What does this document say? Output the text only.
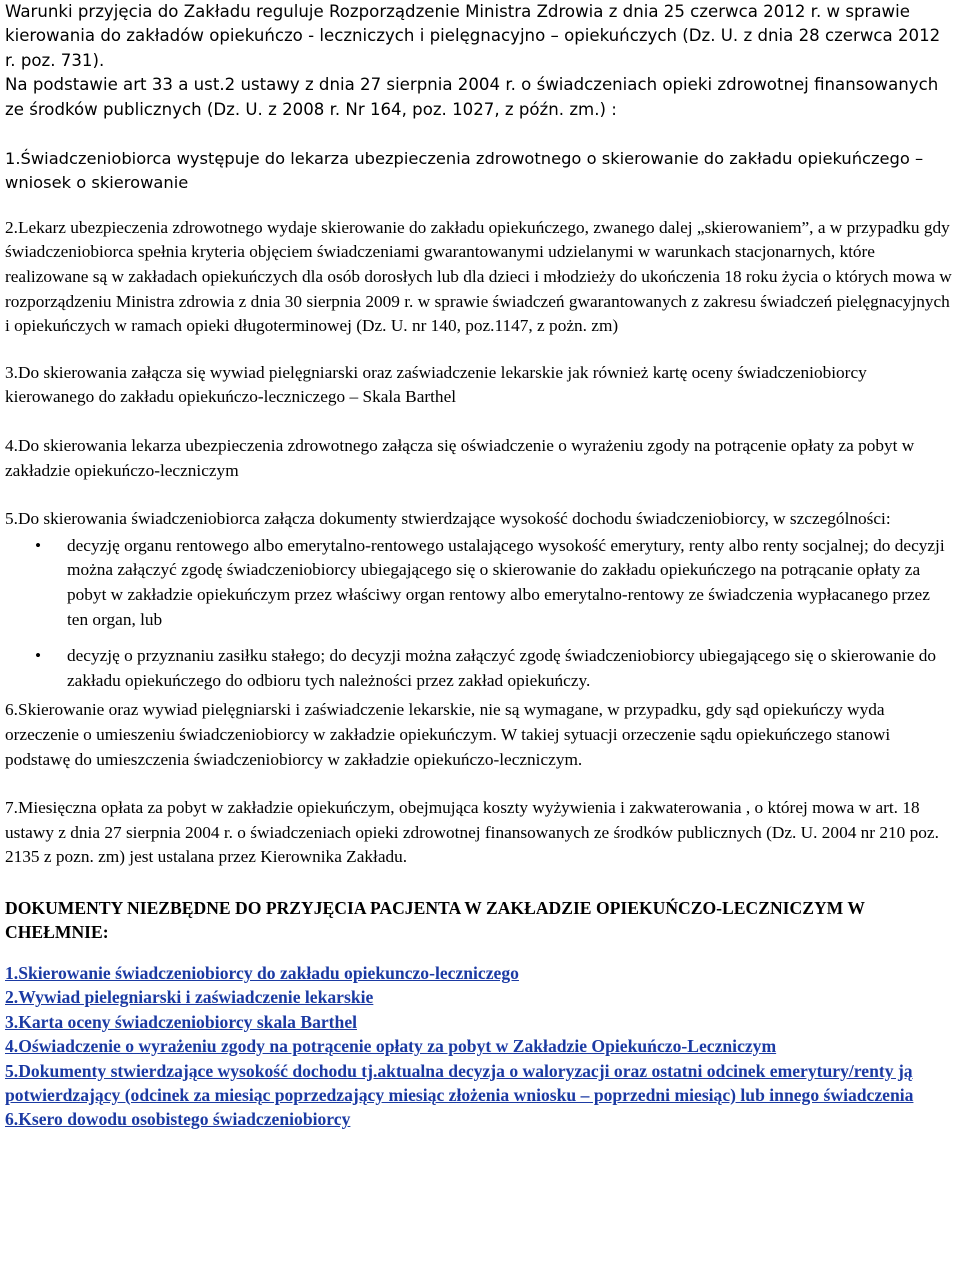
Warunki przyjęcia do Zakładu reguluje Rozporządzenie Ministra Zdrowia z dnia 25 czerwca 2012 r. w sprawie kierowania do zakładów opiekuńczo - leczniczych i pielęgnacyjno – opiekuńczych (Dz. U. z dnia 28 czerwca 2012 r. poz. 731).

Na podstawie art 33 a ust.2 ustawy z dnia 27 sierpnia 2004 r. o świadczeniach opieki zdrowotnej finansowanych ze środków publicznych (Dz. U. z 2008 r. Nr 164, poz. 1027, z późn. zm.) :

1.Świadczeniobiorca występuje do lekarza ubezpieczenia zdrowotnego o skierowanie do zakładu opiekuńczego – wniosek o skierowanie

2.Lekarz ubezpieczenia zdrowotnego wydaje skierowanie do zakładu opiekuńczego, zwanego dalej „skierowaniem”, a w przypadku gdy świadczeniobiorca spełnia kryteria objęciem świadczeniami gwarantowanymi udzielanymi w warunkach stacjonarnych, które realizowane są w zakładach opiekuńczych dla osób dorosłych lub dla dzieci i młodzieży do ukończenia 18 roku życia o których mowa w rozporządzeniu Ministra zdrowia z dnia 30 sierpnia 2009 r. w sprawie świadczeń gwarantowanych z zakresu świadczeń pielęgnacyjnych i opiekuńczych w ramach opieki długoterminowej (Dz. U. nr 140, poz.1147, z pożn. zm)

3.Do skierowania załącza się wywiad pielęgniarski oraz zaświadczenie lekarskie jak również kartę oceny świadczeniobiorcy kierowanego do zakładu opiekuńczo-leczniczego – Skala Barthel

4.Do skierowania lekarza ubezpieczenia zdrowotnego załącza się oświadczenie o wyrażeniu zgody na potrącenie opłaty za pobyt w zakładzie opiekuńczo-leczniczym

5.Do skierowania świadczeniobiorca załącza dokumenty stwierdzające wysokość dochodu świadczeniobiorcy, w szczególności:

• decyzję organu rentowego albo emerytalno-rentowego ustalającego wysokość emerytury, renty albo renty socjalnej; do decyzji można załączyć zgodę świadczeniobiorcy ubiegającego się o skierowanie do zakładu opiekuńczego na potrącanie opłaty za pobyt w zakładzie opiekuńczym przez właściwy organ rentowy albo emerytalno-rentowy ze świadczenia wypłacanego przez ten organ, lub
• decyzję o przyznaniu zasiłku stałego; do decyzji można załączyć zgodę świadczeniobiorcy ubiegającego się o skierowanie do zakładu opiekuńczego do odbioru tych należności przez zakład opiekuńczy.

6.Skierowanie oraz wywiad pielęgniarski i zaświadczenie lekarskie, nie są wymagane, w przypadku, gdy sąd opiekuńczy wyda orzeczenie o umieszeniu świadczeniobiorcy w zakładzie opiekuńczym. W takiej sytuacji orzeczenie sądu opiekuńczego stanowi podstawę do umieszczenia świadczeniobiorcy w zakładzie opiekuńczo-leczniczym.

7.Miesięczna opłata za pobyt w zakładzie opiekuńczym, obejmująca koszty wyżywienia i zakwaterowania , o której mowa w art. 18 ustawy z dnia 27 sierpnia 2004 r. o świadczeniach opieki zdrowotnej finansowanych ze środków publicznych (Dz. U. 2004 nr 210 poz. 2135 z pozn. zm) jest ustalana przez Kierownika Zakładu.

DOKUMENTY NIEZBĘDNE DO PRZYJĘCIA PACJENTA W ZAKŁADZIE OPIEKUŃCZO-LECZNICZYM W CHEŁMNIE:

1.Skierowanie świadczeniobiorcy do zakładu opiekunczo-leczniczego
2.Wywiad pielegniarski i zaświadczenie lekarskie
3.Karta oceny świadczeniobiorcy skala Barthel
4.Oświadczenie o wyrażeniu zgody na potrącenie opłaty za pobyt w Zakładzie Opiekuńczo-Leczniczym
5.Dokumenty stwierdzające wysokość dochodu tj.aktualna decyzja o waloryzacji oraz ostatni odcinek emerytury/renty ją potwierdzający (odcinek za miesiąc poprzedzający miesiąc złożenia wniosku – poprzedni miesiąc) lub innego świadczenia
6.Ksero dowodu osobistego świadczeniobiorcy
